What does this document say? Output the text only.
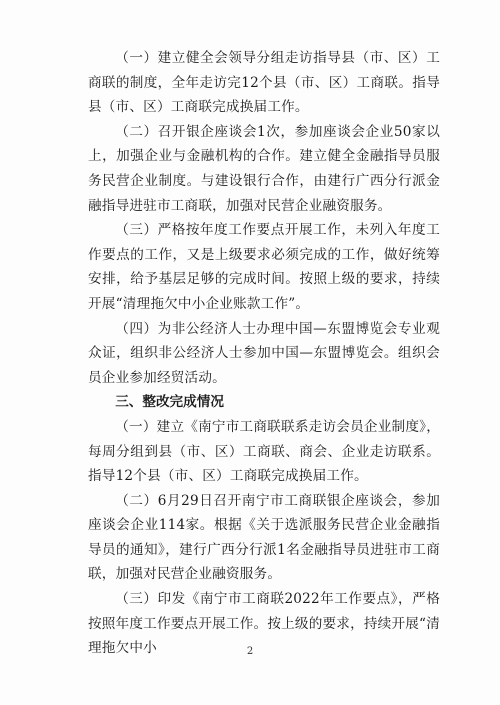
（一）建立健全会领导分组走访指导县（市、区）工商联的制度，全年走访完12个县（市、区）工商联。指导县（市、区）工商联完成换届工作。

（二）召开银企座谈会1次，参加座谈会企业50家以上，加强企业与金融机构的合作。建立健全金融指导员服务民营企业制度。与建设银行合作，由建行广西分行派金融指导进驻市工商联，加强对民营企业融资服务。

（三）严格按年度工作要点开展工作，未列入年度工作要点的工作，又是上级要求必须完成的工作，做好统筹安排，给予基层足够的完成时间。按照上级的要求，持续开展“清理拖欠中小企业账款工作”。

（四）为非公经济人士办理中国—东盟博览会专业观众证，组织非公经济人士参加中国—东盟博览会。组织会员企业参加经贸活动。

三、整改完成情况

（一）建立《南宁市工商联联系走访会员企业制度》，每周分组到县（市、区）工商联、商会、企业走访联系。指导12个县（市、区）工商联完成换届工作。

（二）6月29日召开南宁市工商联银企座谈会，参加座谈会企业114家。根据《关于选派服务民营企业金融指导员的通知》，建行广西分行派1名金融指导员进驻市工商联，加强对民营企业融资服务。

（三）印发《南宁市工商联2022年工作要点》，严格按照年度工作要点开展工作。按上级的要求，持续开展“清理拖欠中小	2
